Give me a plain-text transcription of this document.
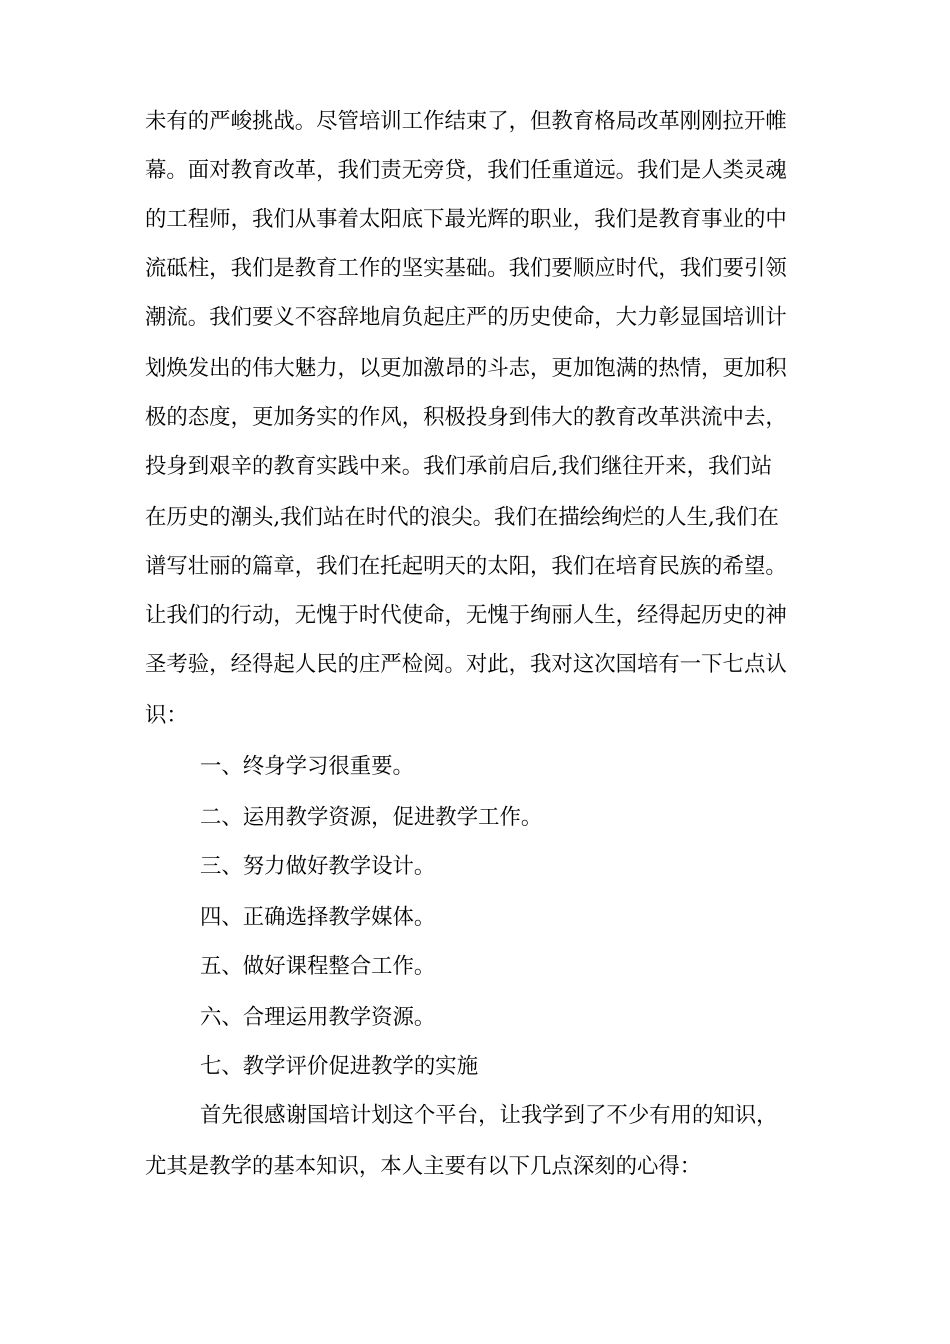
未有的严峻挑战。尽管培训工作结束了，但教育格局改革刚刚拉开帷
幕。面对教育改革，我们责无旁贷，我们任重道远。我们是人类灵魂
的工程师，我们从事着太阳底下最光辉的职业，我们是教育事业的中
流砥柱，我们是教育工作的坚实基础。我们要顺应时代，我们要引领
潮流。我们要义不容辞地肩负起庄严的历史使命，大力彰显国培训计
划焕发出的伟大魅力，以更加激昂的斗志，更加饱满的热情，更加积
极的态度，更加务实的作风，积极投身到伟大的教育改革洪流中去，
投身到艰辛的教育实践中来。我们承前启后,我们继往开来，我们站
在历史的潮头,我们站在时代的浪尖。我们在描绘绚烂的人生,我们在
谱写壮丽的篇章，我们在托起明天的太阳，我们在培育民族的希望。
让我们的行动，无愧于时代使命，无愧于绚丽人生，经得起历史的神
圣考验，经得起人民的庄严检阅。对此，我对这次国培有一下七点认
识：
一、终身学习很重要。
二、运用教学资源，促进教学工作。
三、努力做好教学设计。
四、正确选择教学媒体。
五、做好课程整合工作。
六、合理运用教学资源。
七、教学评价促进教学的实施
首先很感谢国培计划这个平台，让我学到了不少有用的知识，
尤其是教学的基本知识，本人主要有以下几点深刻的心得：
